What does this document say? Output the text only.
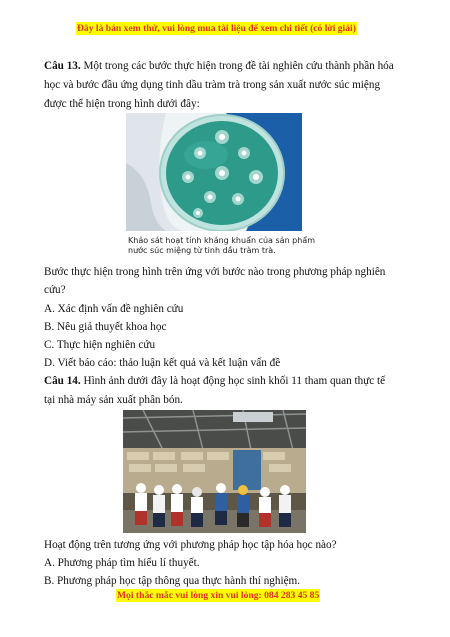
Đây là bản xem thử, vui lòng mua tài liệu để xem chi tiết (có lời giải)
Câu 13. Một trong các bước thực hiện trong đề tài nghiên cứu thành phần hóa
học và bước đầu ứng dụng tinh dầu tràm trà trong sản xuất nước súc miệng
được thể hiện trong hình dưới đây:
Khảo sát hoạt tính kháng khuẩn của sản phẩm
nước súc miệng từ tinh dầu tràm trà.
Bước thực hiện trong hình trên ứng với bước nào trong phương pháp nghiên
cứu?
A. Xác định vấn đề nghiên cứu
B. Nêu giả thuyết khoa học
C. Thực hiện nghiên cứu
D. Viết báo cáo: thảo luận kết quả và kết luận vấn đề
Câu 14. Hình ảnh dưới đây là hoạt động học sinh khối 11 tham quan thực tế
tại nhà máy sản xuất phân bón.
Hoạt động trên tương ứng với phương pháp học tập hóa học nào?
A. Phương pháp tìm hiểu lí thuyết.
B. Phương pháp học tập thông qua thực hành thí nghiệm.
Mọi thắc mắc vui lòng xin vui lòng: 084 283 45 85
